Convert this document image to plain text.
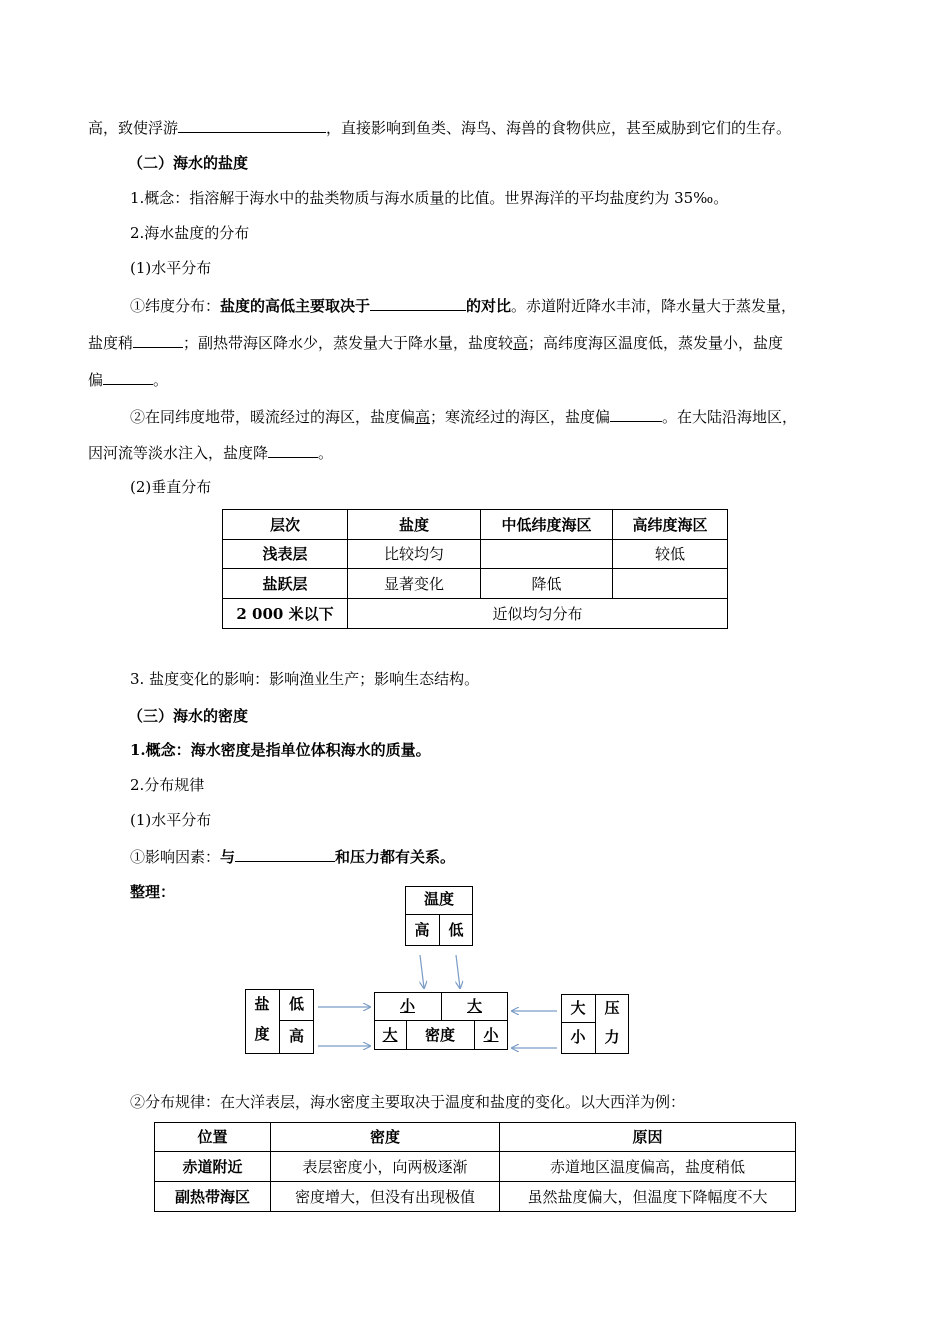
高，致使浮游	，直接影响到鱼类、海鸟、海兽的食物供应，甚至威胁到它们的生存。
（二）海水的盐度
1.概念：指溶解于海水中的盐类物质与海水质量的比值。世界海洋的平均盐度约为 35‰。
2.海水盐度的分布
(1)水平分布
①纬度分布：盐度的高低主要取决于	的对比。赤道附近降水丰沛，降水量大于蒸发量，
盐度稍	；副热带海区降水少，蒸发量大于降水量，盐度较高；高纬度海区温度低，蒸发量小，盐度
偏	。
②在同纬度地带，暖流经过的海区，盐度偏高；寒流经过的海区，盐度偏	。在大陆沿海地区，
因河流等淡水注入，盐度降	。
(2)垂直分布
层次	盐度	中低纬度海区	高纬度海区
浅表层	比较均匀		较低
盐跃层	显著变化	降低	
2 000 米以下	近似均匀分布		
3. 盐度变化的影响：影响渔业生产；影响生态结构。
（三）海水的密度
1.概念：海水密度是指单位体积海水的质量。
2.分布规律
(1)水平分布
①影响因素：与	和压力都有关系。
整理：	温度
高	低
盐
度
低
高
小	大
大	密度	小
大
小
压
力
②分布规律：在大洋表层，海水密度主要取决于温度和盐度的变化。以大西洋为例：
位置	密度	原因
赤道附近	表层密度小，向两极逐渐	赤道地区温度偏高，盐度稍低
副热带海区	密度增大，但没有出现极值	虽然盐度偏大，但温度下降幅度不大
